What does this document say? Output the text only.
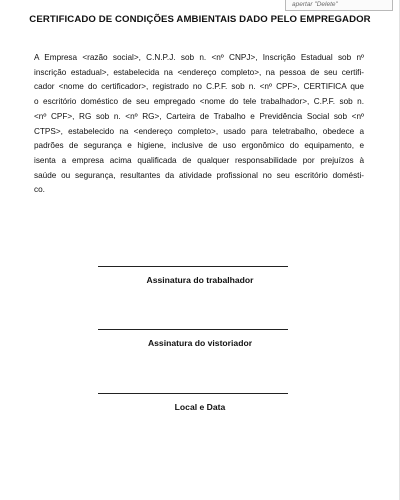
apertar "Delete"
CERTIFICADO DE CONDIÇÕES AMBIENTAIS DADO PELO EMPREGADOR
A Empresa <razão social>, C.N.P.J. sob n. <nº CNPJ>, Inscrição Estadual sob nº
inscrição estadual>, estabelecida na <endereço completo>, na pessoa de seu certifi-
cador <nome do certificador>, registrado no C.P.F. sob n. <nº CPF>, CERTIFICA que
o escritório doméstico de seu empregado <nome do tele trabalhador>, C.P.F. sob n.
<nº CPF>, RG sob n. <nº RG>, Carteira de Trabalho e Previdência Social sob <nº
CTPS>, estabelecido na <endereço completo>, usado para teletrabalho, obedece a
padrões de segurança e higiene, inclusive de uso ergonômico do equipamento, e
isenta a empresa acima qualificada de qualquer responsabilidade por prejuízos à
saúde ou segurança, resultantes da atividade profissional no seu escritório domésti-
co.
Assinatura do trabalhador
Assinatura do vistoriador
Local e Data
